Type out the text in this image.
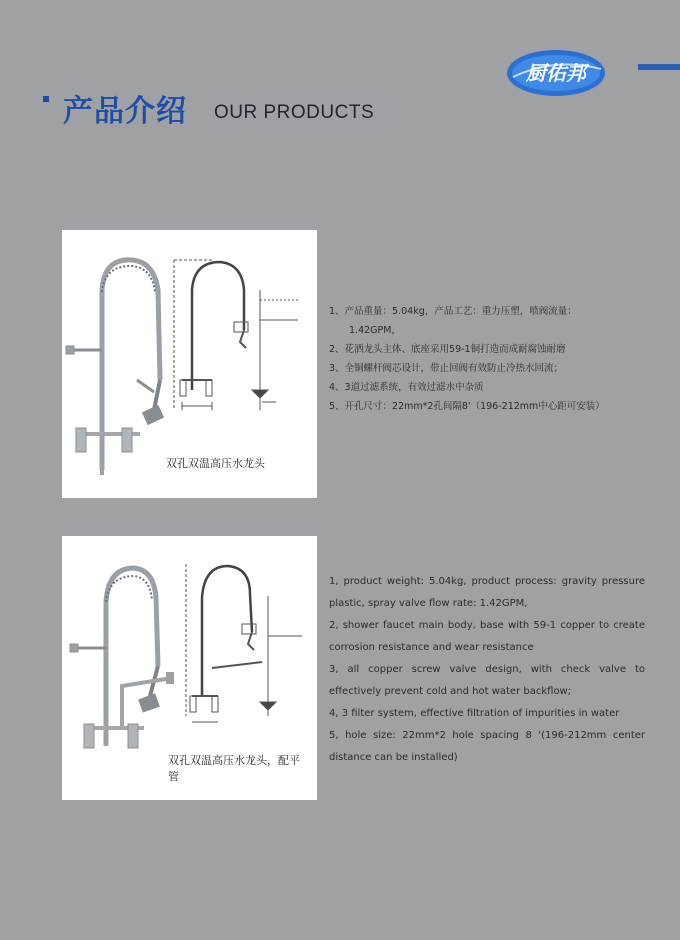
厨佑邦
产品介绍 OUR PRODUCTS
双孔双温高压水龙头
1、产品重量：5.04kg，产品工艺：重力压塑，喷阀流量：
1.42GPM，
2、花洒龙头主体、底座采用59-1铜打造而成耐腐蚀耐磨
3、全铜螺杆阀芯设计，带止回阀有效防止冷热水回流；
4、3道过滤系统，有效过滤水中杂质
5、开孔尺寸：22mm*2孔间隔8'（196-212mm中心距可安装）
双孔双温高压水龙头，配平管
1, product weight: 5.04kg, product process: gravity pressure plastic, spray valve flow rate: 1.42GPM,
2, shower faucet main body, base with 59-1 copper to create corrosion resistance and wear resistance
3, all copper screw valve design, with check valve to effectively prevent cold and hot water backflow;
4, 3 filter system, effective filtration of impurities in water
5, hole size: 22mm*2 hole spacing 8 '(196-212mm center distance can be installed)
